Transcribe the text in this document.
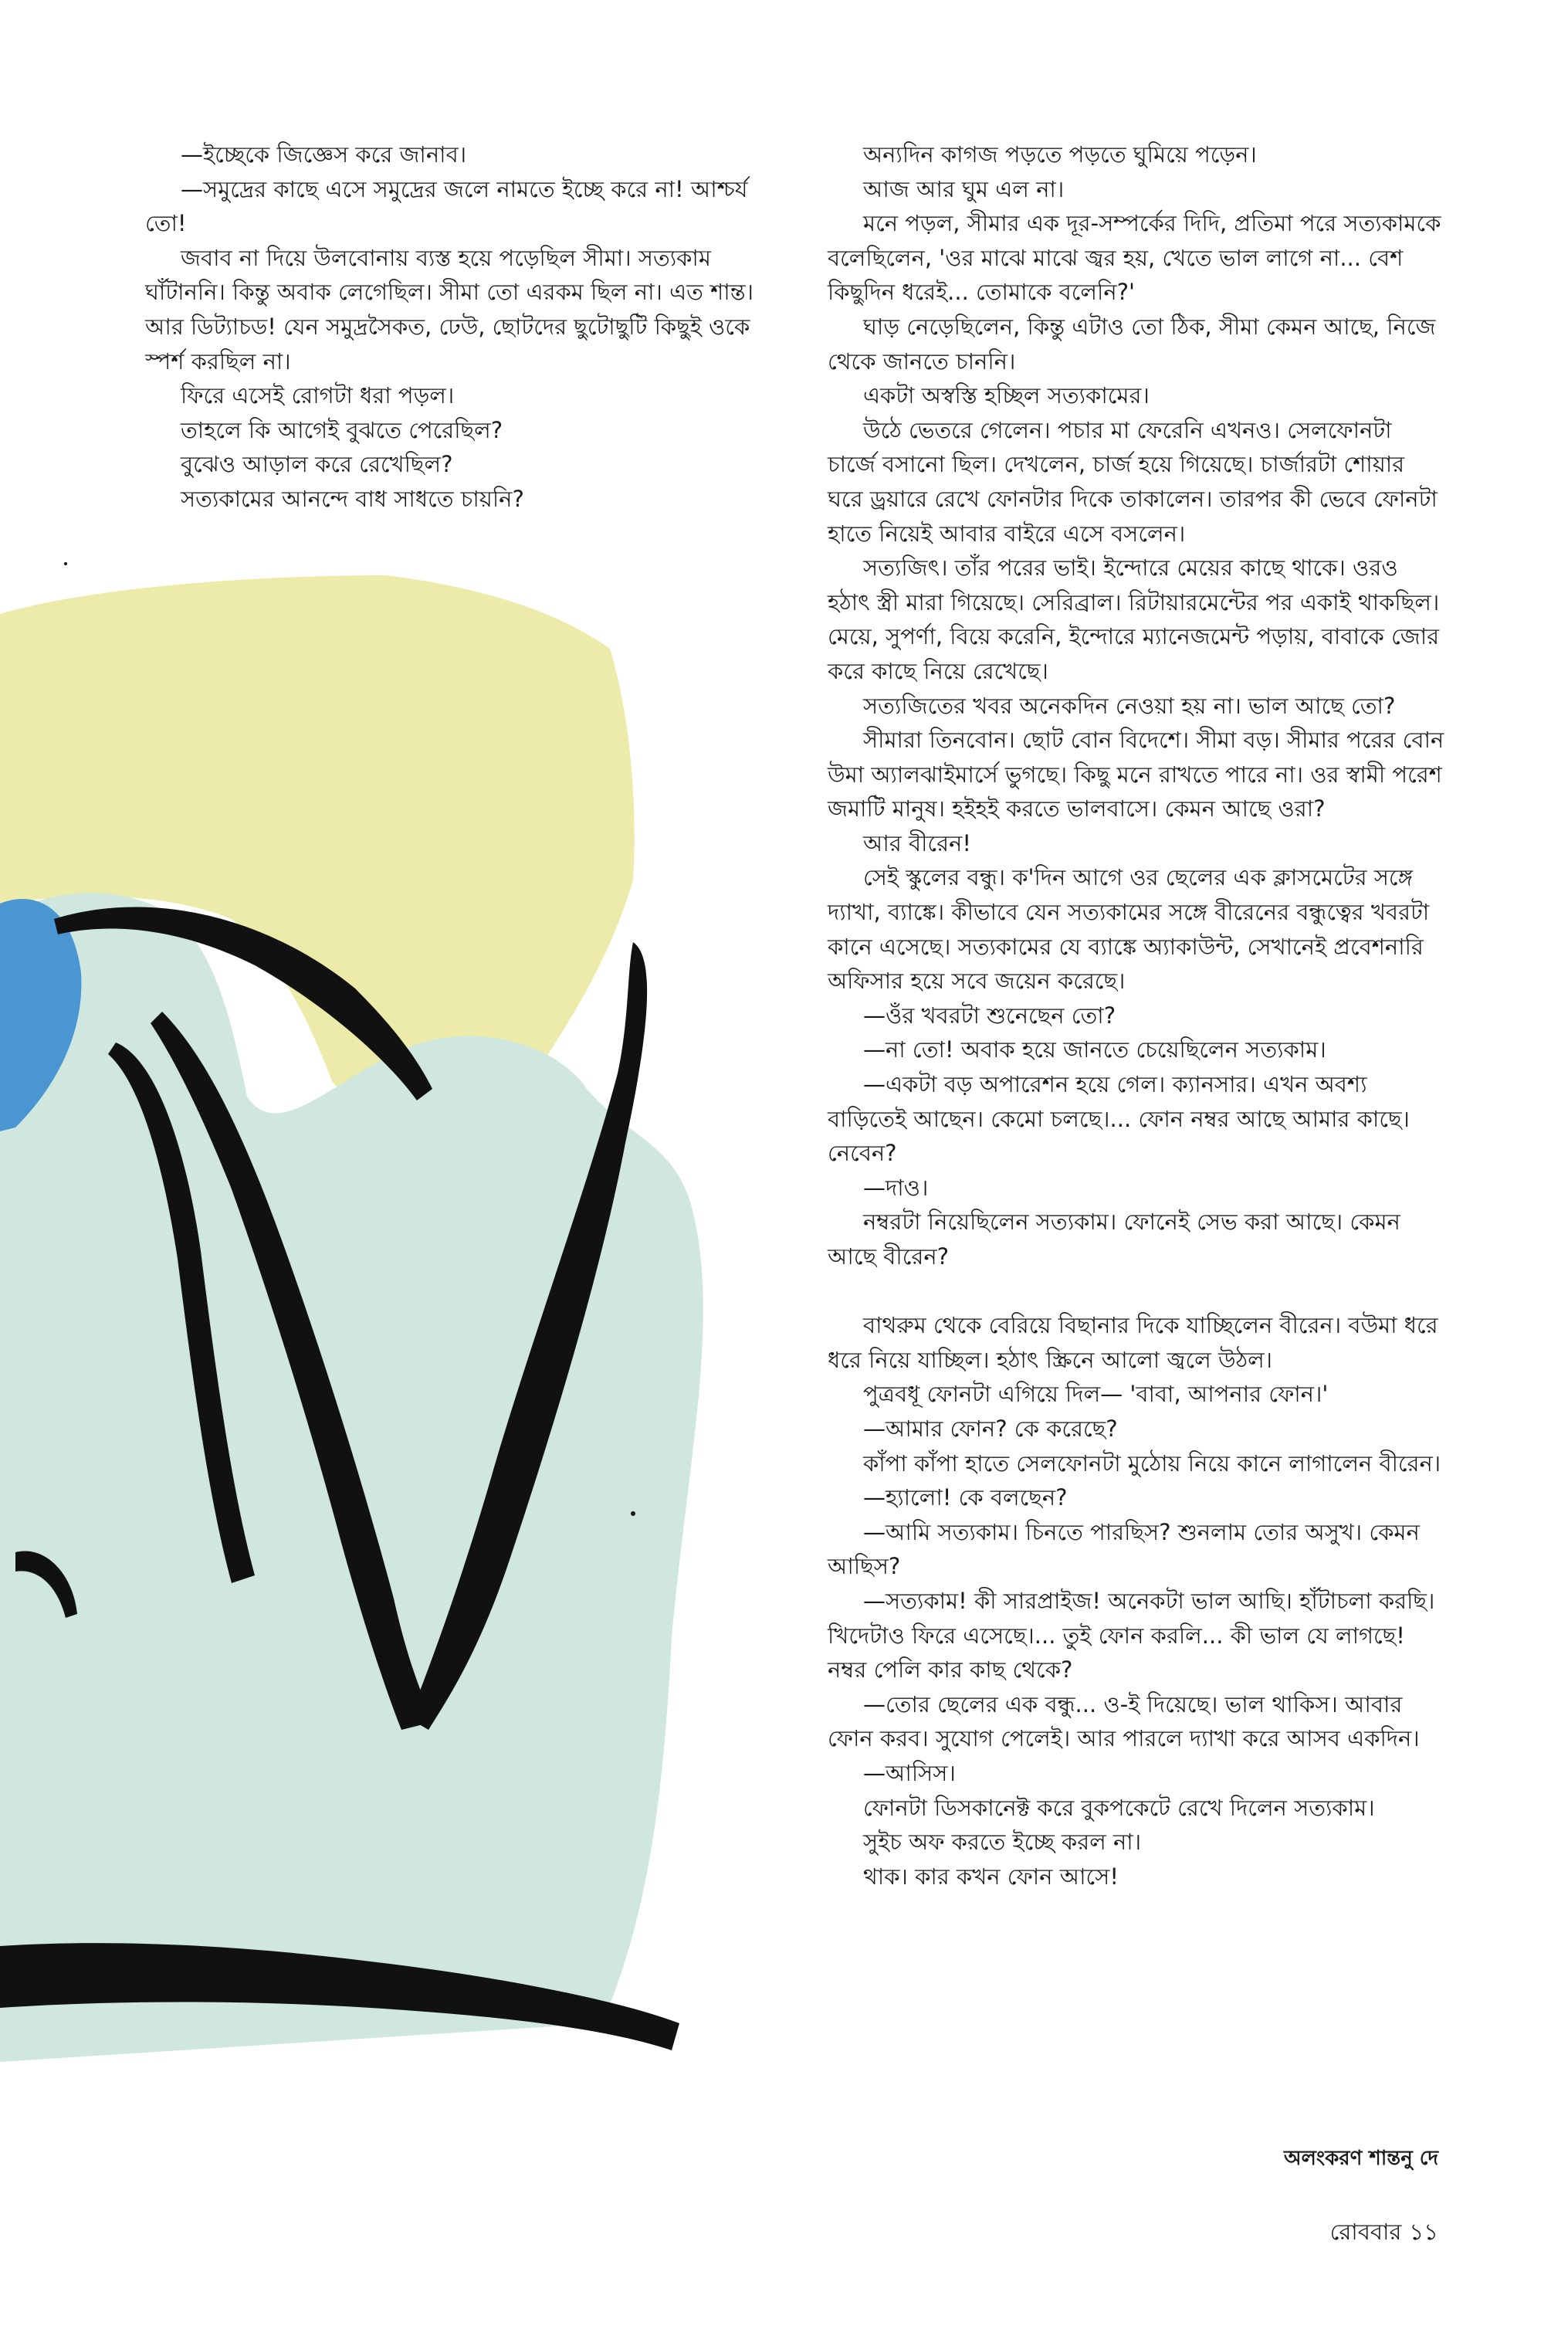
—ইচ্ছেকে জিজ্ঞেস করে জানাব।

—সমুদ্রের কাছে এসে সমুদ্রের জলে নামতে ইচ্ছে করে না! আশ্চর্য তো!

জবাব না দিয়ে উলবোনায় ব্যস্ত হয়ে পড়েছিল সীমা। সত্যকাম ঘাঁটাননি। কিন্তু অবাক লেগেছিল। সীমা তো এরকম ছিল না। এত শান্ত। আর ডিট্যাচড! যেন সমুদ্রসৈকত, ঢেউ, ছোটদের ছুটোছুটি কিছুই ওকে স্পর্শ করছিল না।

ফিরে এসেই রোগটা ধরা পড়ল।

তাহলে কি আগেই বুঝতে পেরেছিল?

বুঝেও আড়াল করে রেখেছিল?

সত্যকামের আনন্দে বাধ সাধতে চায়নি?

অন্যদিন কাগজ পড়তে পড়তে ঘুমিয়ে পড়েন।

আজ আর ঘুম এল না।

মনে পড়ল, সীমার এক দূর-সম্পর্কের দিদি, প্রতিমা পরে সত্যকামকে বলেছিলেন, 'ওর মাঝে মাঝে জ্বর হয়, খেতে ভাল লাগে না... বেশ কিছুদিন ধরেই... তোমাকে বলেনি?'

ঘাড় নেড়েছিলেন, কিন্তু এটাও তো ঠিক, সীমা কেমন আছে, নিজে থেকে জানতে চাননি।

একটা অস্বস্তি হচ্ছিল সত্যকামের।

উঠে ভেতরে গেলেন। পচার মা ফেরেনি এখনও। সেলফোনটা চার্জে বসানো ছিল। দেখলেন, চার্জ হয়ে গিয়েছে। চার্জারটা শোয়ার ঘরে ড্রয়ারে রেখে ফোনটার দিকে তাকালেন। তারপর কী ভেবে ফোনটা হাতে নিয়েই আবার বাইরে এসে বসলেন।

সত্যজিৎ। তাঁর পরের ভাই। ইন্দোরে মেয়ের কাছে থাকে। ওরও হঠাৎ স্ত্রী মারা গিয়েছে। সেরিব্রাল। রিটায়ারমেন্টের পর একাই থাকছিল। মেয়ে, সুপর্ণা, বিয়ে করেনি, ইন্দোরে ম্যানেজমেন্ট পড়ায়, বাবাকে জোর করে কাছে নিয়ে রেখেছে।

সত্যজিতের খবর অনেকদিন নেওয়া হয় না। ভাল আছে তো?

সীমারা তিনবোন। ছোট বোন বিদেশে। সীমা বড়। সীমার পরের বোন উমা অ্যালঝাইমার্সে ভুগছে। কিছু মনে রাখতে পারে না। ওর স্বামী পরেশ জমাটি মানুষ। হইহই করতে ভালবাসে। কেমন আছে ওরা?

আর বীরেন!

সেই স্কুলের বন্ধু। ক'দিন আগে ওর ছেলের এক ক্লাসমেটের সঙ্গে দ্যাখা, ব্যাঙ্কে। কীভাবে যেন সত্যকামের সঙ্গে বীরেনের বন্ধুত্বের খবরটা কানে এসেছে। সত্যকামের যে ব্যাঙ্কে অ্যাকাউন্ট, সেখানেই প্রবেশনারি অফিসার হয়ে সবে জয়েন করেছে।

—ওঁর খবরটা শুনেছেন তো?

—না তো! অবাক হয়ে জানতে চেয়েছিলেন সত্যকাম।

—একটা বড় অপারেশন হয়ে গেল। ক্যানসার। এখন অবশ্য বাড়িতেই আছেন। কেমো চলছে।... ফোন নম্বর আছে আমার কাছে। নেবেন?

—দাও।

নম্বরটা নিয়েছিলেন সত্যকাম। ফোনেই সেভ করা আছে। কেমন আছে বীরেন?

বাথরুম থেকে বেরিয়ে বিছানার দিকে যাচ্ছিলেন বীরেন। বউমা ধরে ধরে নিয়ে যাচ্ছিল। হঠাৎ স্ক্রিনে আলো জ্বলে উঠল।

পুত্রবধূ ফোনটা এগিয়ে দিল— 'বাবা, আপনার ফোন।'

—আমার ফোন? কে করেছে?

কাঁপা কাঁপা হাতে সেলফোনটা মুঠোয় নিয়ে কানে লাগালেন বীরেন।

—হ্যালো! কে বলছেন?

—আমি সত্যকাম। চিনতে পারছিস? শুনলাম তোর অসুখ। কেমন আছিস?

—সত্যকাম! কী সারপ্রাইজ! অনেকটা ভাল আছি। হাঁটাচলা করছি। খিদেটাও ফিরে এসেছে।... তুই ফোন করলি... কী ভাল যে লাগছে! নম্বর পেলি কার কাছ থেকে?

—তোর ছেলের এক বন্ধু... ও-ই দিয়েছে। ভাল থাকিস। আবার ফোন করব। সুযোগ পেলেই। আর পারলে দ্যাখা করে আসব একদিন।

—আসিস।

ফোনটা ডিসকানেক্ট করে বুকপকেটে রেখে দিলেন সত্যকাম।

সুইচ অফ করতে ইচ্ছে করল না।

থাক। কার কখন ফোন আসে!

অলংকরণ শান্তনু দে
রোববার ১১
